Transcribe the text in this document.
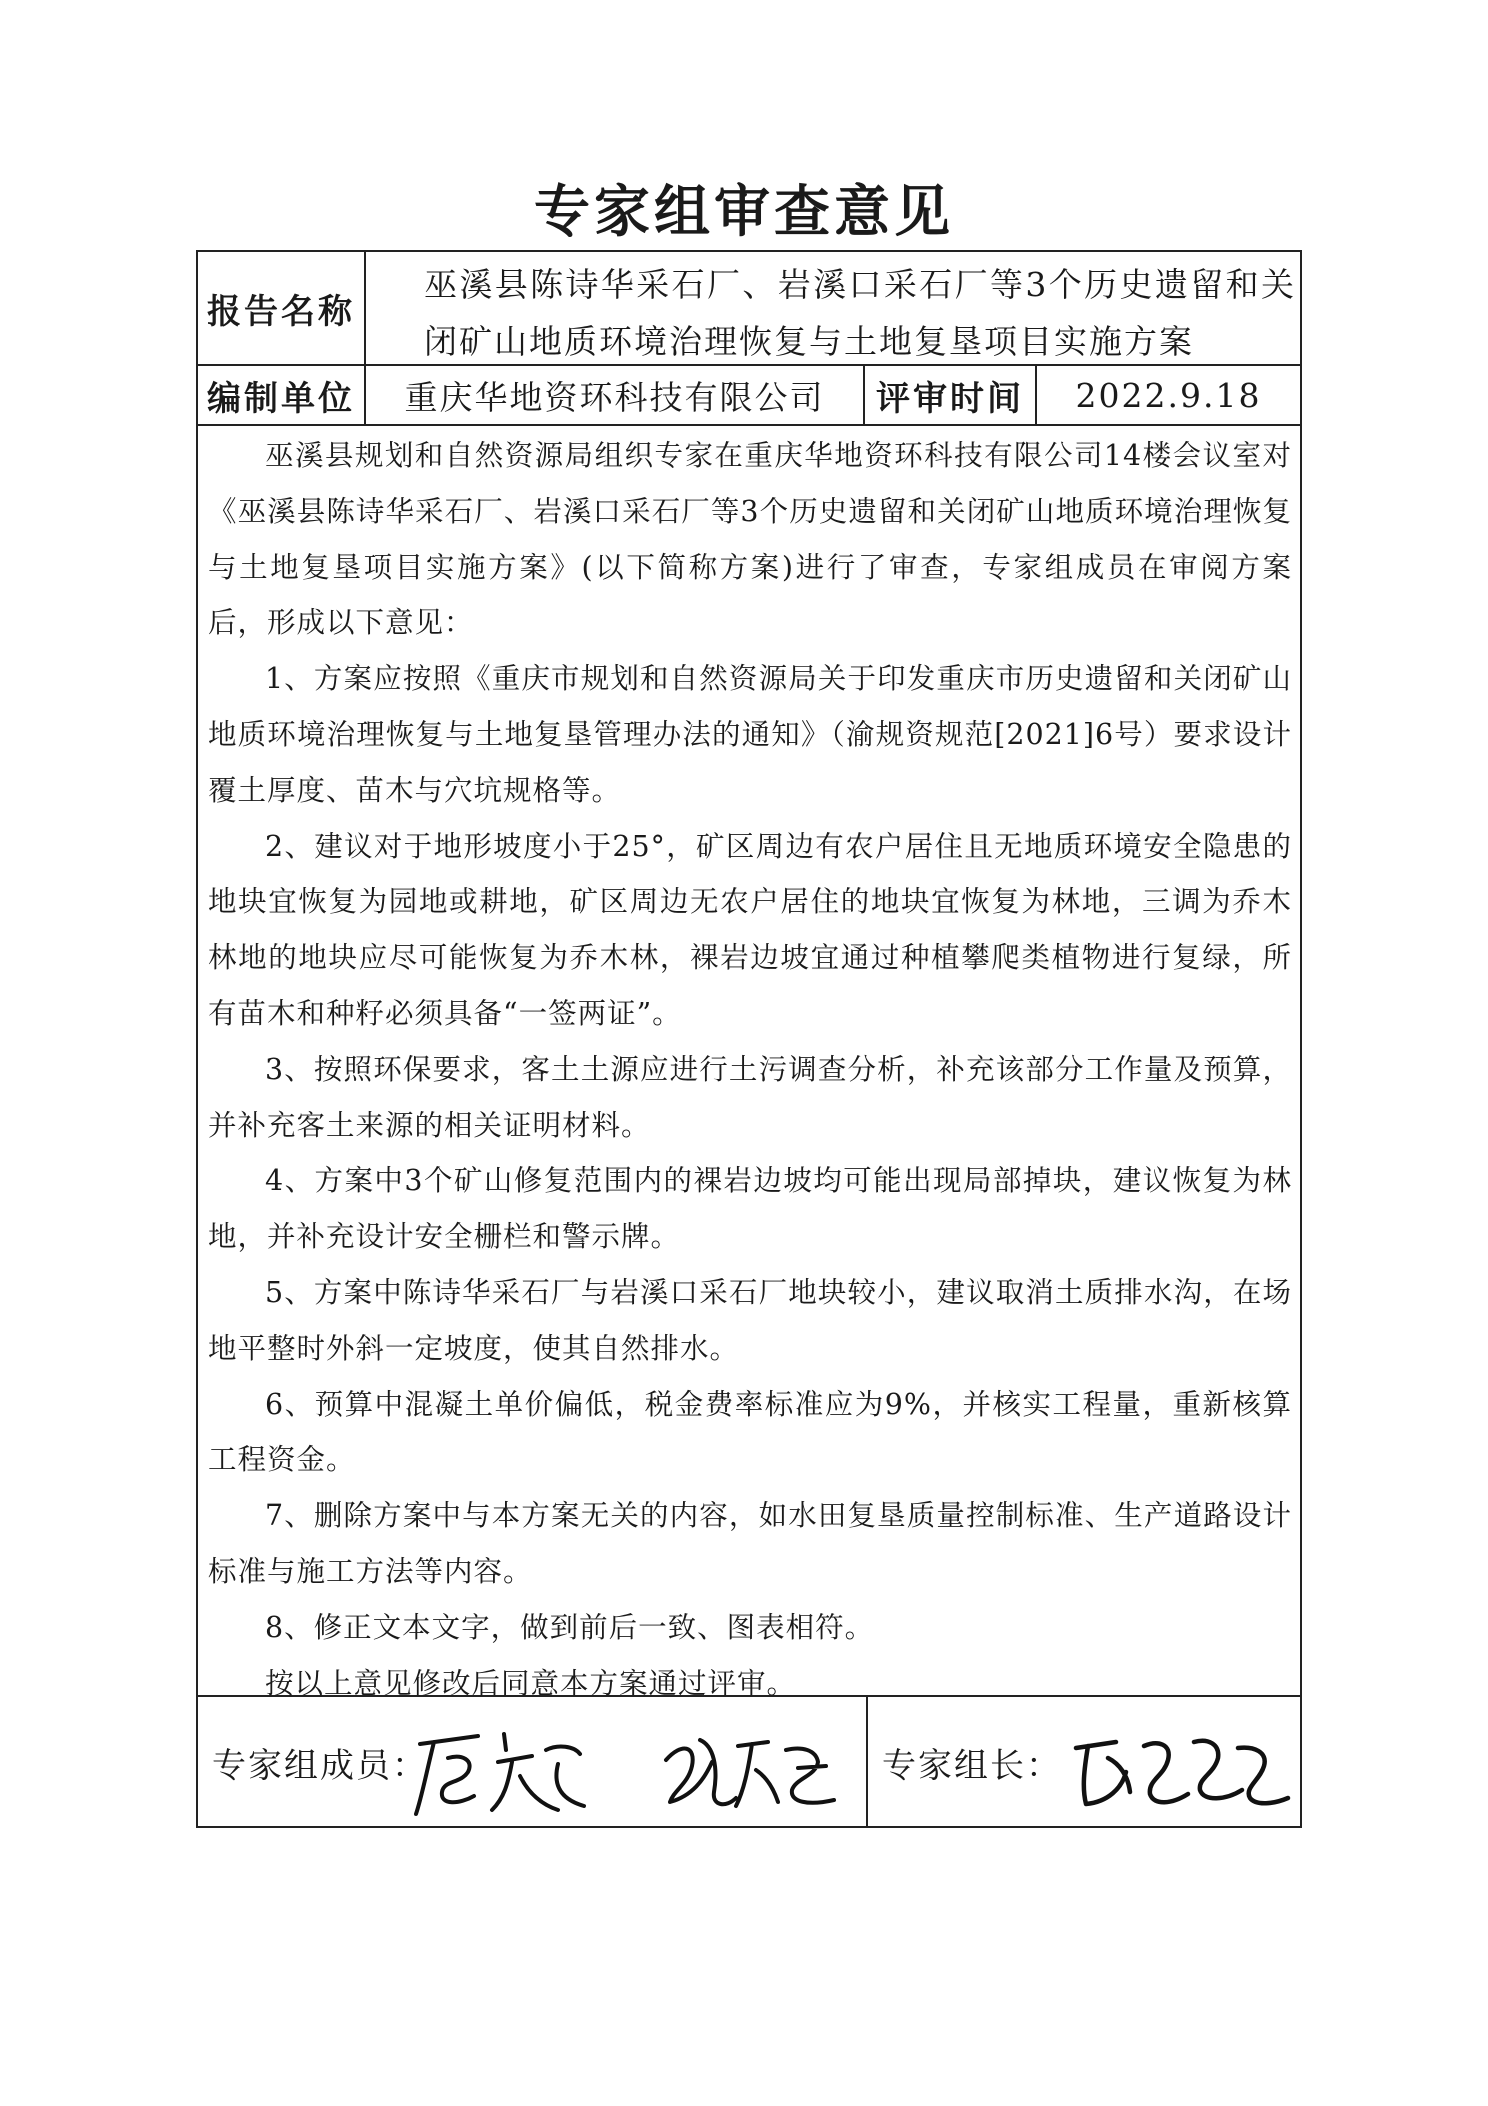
专家组审查意见
报告名称
巫溪县陈诗华采石厂、岩溪口采石厂等3个历史遗留和关闭矿山地质环境治理恢复与土地复垦项目实施方案
编制单位	重庆华地资环科技有限公司	评审时间	2022.9.18

巫溪县规划和自然资源局组织专家在重庆华地资环科技有限公司14楼会议室对《巫溪县陈诗华采石厂、岩溪口采石厂等3个历史遗留和关闭矿山地质环境治理恢复与土地复垦项目实施方案》(以下简称方案)进行了审查，专家组成员在审阅方案后，形成以下意见：

1、方案应按照《重庆市规划和自然资源局关于印发重庆市历史遗留和关闭矿山地质环境治理恢复与土地复垦管理办法的通知》（渝规资规范[2021]6号）要求设计覆土厚度、苗木与穴坑规格等。

2、建议对于地形坡度小于25°，矿区周边有农户居住且无地质环境安全隐患的地块宜恢复为园地或耕地，矿区周边无农户居住的地块宜恢复为林地，三调为乔木林地的地块应尽可能恢复为乔木林，裸岩边坡宜通过种植攀爬类植物进行复绿，所有苗木和种籽必须具备“一签两证”。

3、按照环保要求，客土土源应进行土污调查分析，补充该部分工作量及预算，并补充客土来源的相关证明材料。

4、方案中3个矿山修复范围内的裸岩边坡均可能出现局部掉块，建议恢复为林地，并补充设计安全栅栏和警示牌。

5、方案中陈诗华采石厂与岩溪口采石厂地块较小，建议取消土质排水沟，在场地平整时外斜一定坡度，使其自然排水。

6、预算中混凝土单价偏低，税金费率标准应为9%，并核实工程量，重新核算工程资金。

7、删除方案中与本方案无关的内容，如水田复垦质量控制标准、生产道路设计标准与施工方法等内容。

8、修正文本文字，做到前后一致、图表相符。

按以上意见修改后同意本方案通过评审。

专家组成员：	专家组长：
